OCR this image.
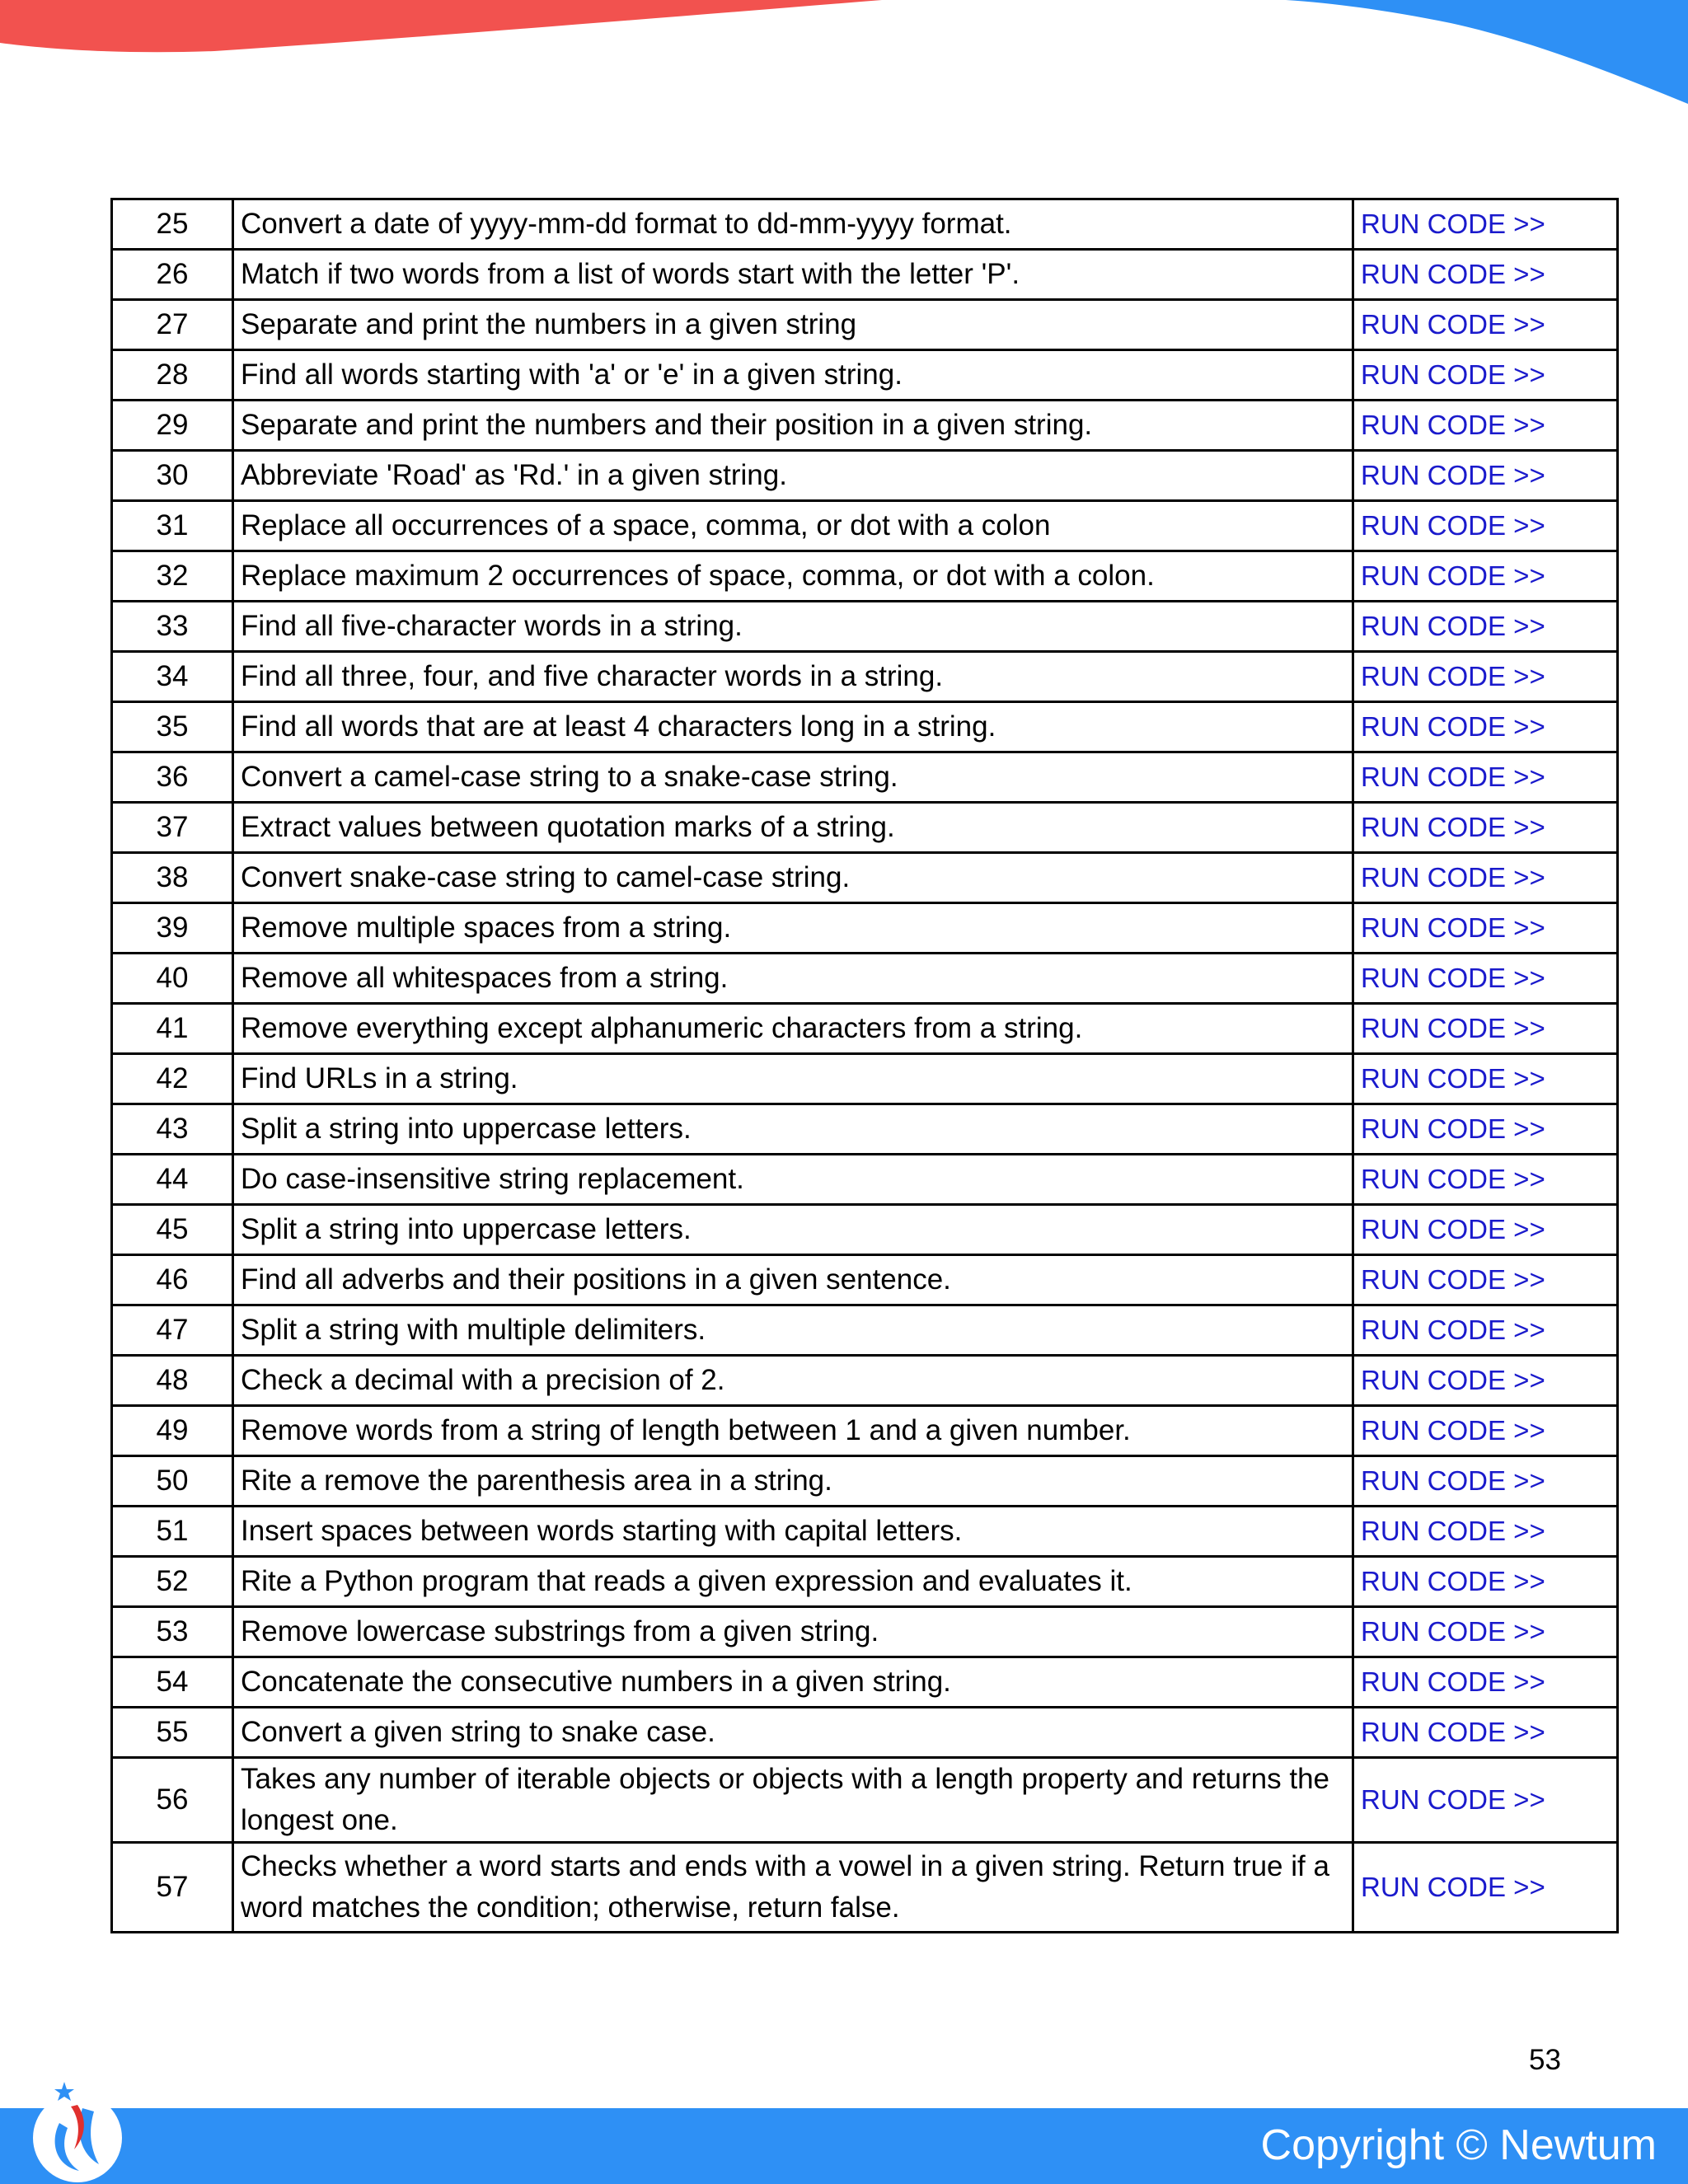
25	Convert a date of yyyy-mm-dd format to dd-mm-yyyy format.	RUN CODE >>
26	Match if two words from a list of words start with the letter 'P'.	RUN CODE >>
27	Separate and print the numbers in a given string	RUN CODE >>
28	Find all words starting with 'a' or 'e' in a given string.	RUN CODE >>
29	Separate and print the numbers and their position in a given string.	RUN CODE >>
30	Abbreviate 'Road' as 'Rd.' in a given string.	RUN CODE >>
31	Replace all occurrences of a space, comma, or dot with a colon	RUN CODE >>
32	Replace maximum 2 occurrences of space, comma, or dot with a colon.	RUN CODE >>
33	Find all five-character words in a string.	RUN CODE >>
34	Find all three, four, and five character words in a string.	RUN CODE >>
35	Find all words that are at least 4 characters long in a string.	RUN CODE >>
36	Convert a camel-case string to a snake-case string.	RUN CODE >>
37	Extract values between quotation marks of a string.	RUN CODE >>
38	Convert snake-case string to camel-case string.	RUN CODE >>
39	Remove multiple spaces from a string.	RUN CODE >>
40	Remove all whitespaces from a string.	RUN CODE >>
41	Remove everything except alphanumeric characters from a string.	RUN CODE >>
42	Find URLs in a string.	RUN CODE >>
43	Split a string into uppercase letters.	RUN CODE >>
44	Do case-insensitive string replacement.	RUN CODE >>
45	Split a string into uppercase letters.	RUN CODE >>
46	Find all adverbs and their positions in a given sentence.	RUN CODE >>
47	Split a string with multiple delimiters.	RUN CODE >>
48	Check a decimal with a precision of 2.	RUN CODE >>
49	Remove words from a string of length between 1 and a given number.	RUN CODE >>
50	Rite a remove the parenthesis area in a string.	RUN CODE >>
51	Insert spaces between words starting with capital letters.	RUN CODE >>
52	Rite a Python program that reads a given expression and evaluates it.	RUN CODE >>
53	Remove lowercase substrings from a given string.	RUN CODE >>
54	Concatenate the consecutive numbers in a given string.	RUN CODE >>
55	Convert a given string to snake case.	RUN CODE >>
56	Takes any number of iterable objects or objects with a length property and returns the longest one.	RUN CODE >>
57	Checks whether a word starts and ends with a vowel in a given string. Return true if a word matches the condition; otherwise, return false.	RUN CODE >>
53
Copyright © Newtum
